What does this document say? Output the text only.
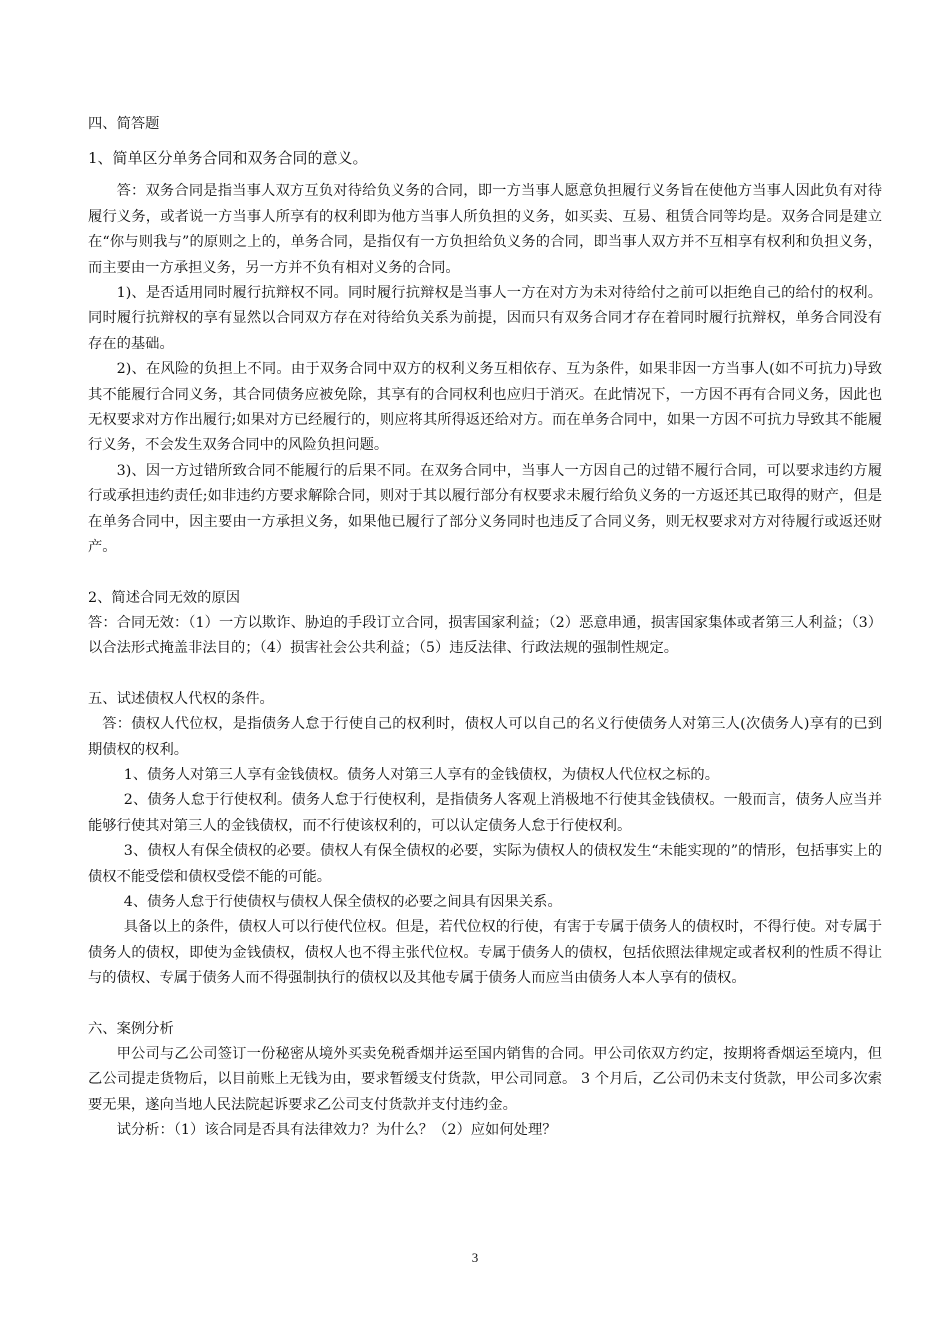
四、简答题

1、简单区分单务合同和双务合同的意义。

答：双务合同是指当事人双方互负对待给负义务的合同，即一方当事人愿意负担履行义务旨在使他方当事人因此负有对待履行义务，或者说一方当事人所享有的权利即为他方当事人所负担的义务，如买卖、互易、租赁合同等均是。双务合同是建立在“你与则我与”的原则之上的，单务合同，是指仅有一方负担给负义务的合同，即当事人双方并不互相享有权利和负担义务，而主要由一方承担义务，另一方并不负有相对义务的合同。

1)、是否适用同时履行抗辩权不同。同时履行抗辩权是当事人一方在对方为未对待给付之前可以拒绝自己的给付的权利。同时履行抗辩权的享有显然以合同双方存在对待给负关系为前提，因而只有双务合同才存在着同时履行抗辩权，单务合同没有存在的基础。

2)、在风险的负担上不同。由于双务合同中双方的权利义务互相依存、互为条件，如果非因一方当事人(如不可抗力)导致其不能履行合同义务，其合同债务应被免除，其享有的合同权利也应归于消灭。在此情况下，一方因不再有合同义务，因此也无权要求对方作出履行;如果对方已经履行的，则应将其所得返还给对方。而在单务合同中，如果一方因不可抗力导致其不能履行义务，不会发生双务合同中的风险负担问题。

3)、因一方过错所致合同不能履行的后果不同。在双务合同中，当事人一方因自己的过错不履行合同，可以要求违约方履行或承担违约责任;如非违约方要求解除合同，则对于其以履行部分有权要求未履行给负义务的一方返还其已取得的财产，但是在单务合同中，因主要由一方承担义务，如果他已履行了部分义务同时也违反了合同义务，则无权要求对方对待履行或返还财产。

2、简述合同无效的原因

答：合同无效：（1）一方以欺诈、胁迫的手段订立合同，损害国家利益；（2）恶意串通，损害国家集体或者第三人利益；（3）以合法形式掩盖非法目的；（4）损害社会公共利益；（5）违反法律、行政法规的强制性规定。

五、试述债权人代权的条件。

答：债权人代位权，是指债务人怠于行使自己的权利时，债权人可以自己的名义行使债务人对第三人(次债务人)享有的已到期债权的权利。

1、债务人对第三人享有金钱债权。债务人对第三人享有的金钱债权，为债权人代位权之标的。

2、债务人怠于行使权利。债务人怠于行使权利，是指债务人客观上消极地不行使其金钱债权。一般而言，债务人应当并能够行使其对第三人的金钱债权，而不行使该权利的，可以认定债务人怠于行使权利。

3、债权人有保全债权的必要。债权人有保全债权的必要，实际为债权人的债权发生“未能实现的”的情形，包括事实上的债权不能受偿和债权受偿不能的可能。

4、债务人怠于行使债权与债权人保全债权的必要之间具有因果关系。

具备以上的条件，债权人可以行使代位权。但是，若代位权的行使，有害于专属于债务人的债权时，不得行使。对专属于债务人的债权，即使为金钱债权，债权人也不得主张代位权。专属于债务人的债权，包括依照法律规定或者权利的性质不得让与的债权、专属于债务人而不得强制执行的债权以及其他专属于债务人而应当由债务人本人享有的债权。

六、案例分析

甲公司与乙公司签订一份秘密从境外买卖免税香烟并运至国内销售的合同。甲公司依双方约定，按期将香烟运至境内，但乙公司提走货物后，以目前账上无钱为由，要求暂缓支付货款，甲公司同意。 3 个月后，乙公司仍未支付货款，甲公司多次索要无果，遂向当地人民法院起诉要求乙公司支付货款并支付违约金。

试分析：（1）该合同是否具有法律效力？为什么？（2）应如何处理？

3
